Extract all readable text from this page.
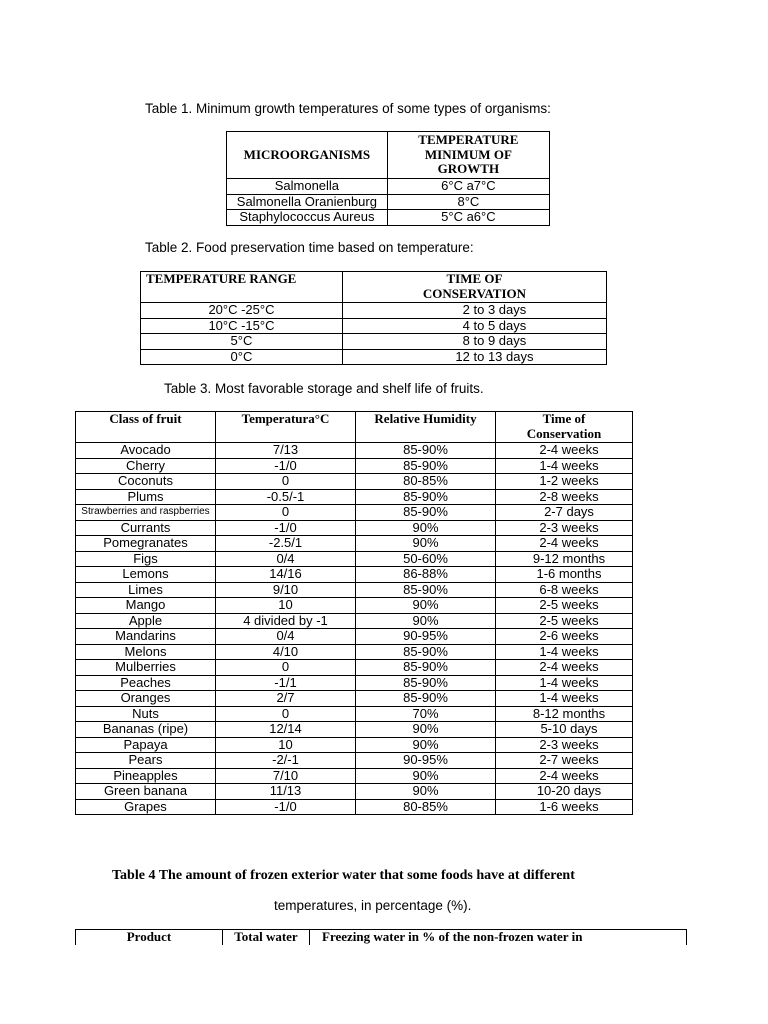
Table 1. Minimum growth temperatures of some types of organisms:
MICROORGANISMS	TEMPERATURE MINIMUM OF GROWTH

Salmonella	6°C a7°C

Salmonella Oranienburg	8°C

Staphylococcus Aureus	5°C a6°C
Table 2. Food preservation time based on temperature:
TEMPERATURE RANGE	TIME OF CONSERVATION

20°C -25°C	2 to 3 days

10°C -15°C	4 to 5 days

5°C	8 to 9 days

0°C	12 to 13 days
Table 3. Most favorable storage and shelf life of fruits.
Class of fruit	Temperatura°C	Relative Humidity	Time of Conservation

Avocado	7/13	85-90%	2-4 weeks

Cherry	-1/0	85-90%	1-4 weeks

Coconuts	0	80-85%	1-2 weeks

Plums	-0.5/-1	85-90%	2-8 weeks

Strawberries and raspberries	0	85-90%	2-7 days

Currants	-1/0	90%	2-3 weeks

Pomegranates	-2.5/1	90%	2-4 weeks

Figs	0/4	50-60%	9-12 months

Lemons	14/16	86-88%	1-6 months

Limes	9/10	85-90%	6-8 weeks

Mango	10	90%	2-5 weeks

Apple	4 divided by -1	90%	2-5 weeks

Mandarins	0/4	90-95%	2-6 weeks

Melons	4/10	85-90%	1-4 weeks

Mulberries	0	85-90%	2-4 weeks

Peaches	-1/1	85-90%	1-4 weeks

Oranges	2/7	85-90%	1-4 weeks

Nuts	0	70%	8-12 months

Bananas (ripe)	12/14	90%	5-10 days

Papaya	10	90%	2-3 weeks

Pears	-2/-1	90-95%	2-7 weeks

Pineapples	7/10	90%	2-4 weeks

Green banana	11/13	90%	10-20 days

Grapes	-1/0	80-85%	1-6 weeks
Table 4 The amount of frozen exterior water that some foods have at different
temperatures, in percentage (%).
Product	Total water	Freezing water in % of the non-frozen water in
